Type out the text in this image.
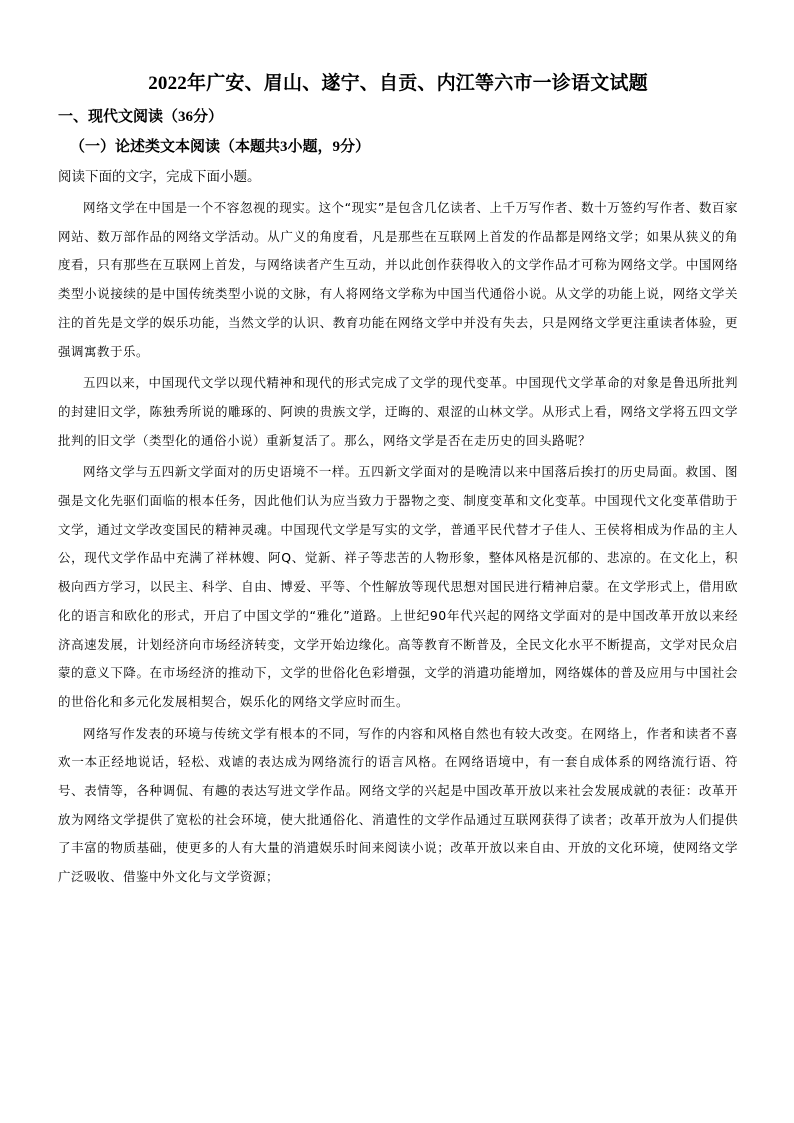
2022年广安、眉山、遂宁、自贡、内江等六市一诊语文试题
一、现代文阅读（36分）
（一）论述类文本阅读（本题共3小题，9分）
阅读下面的文字，完成下面小题。

网络文学在中国是一个不容忽视的现实。这个“现实”是包含几亿读者、上千万写作者、数十万签约写作者、数百家网站、数万部作品的网络文学活动。从广义的角度看，凡是那些在互联网上首发的作品都是网络文学；如果从狭义的角度看，只有那些在互联网上首发，与网络读者产生互动，并以此创作获得收入的文学作品才可称为网络文学。中国网络类型小说接续的是中国传统类型小说的文脉，有人将网络文学称为中国当代通俗小说。从文学的功能上说，网络文学关注的首先是文学的娱乐功能，当然文学的认识、教育功能在网络文学中并没有失去，只是网络文学更注重读者体验，更强调寓教于乐。

五四以来，中国现代文学以现代精神和现代的形式完成了文学的现代变革。中国现代文学革命的对象是鲁迅所批判的封建旧文学，陈独秀所说的雕琢的、阿谀的贵族文学，迂晦的、艰涩的山林文学。从形式上看，网络文学将五四文学批判的旧文学（类型化的通俗小说）重新复活了。那么，网络文学是否在走历史的回头路呢？

网络文学与五四新文学面对的历史语境不一样。五四新文学面对的是晚清以来中国落后挨打的历史局面。救国、图强是文化先驱们面临的根本任务，因此他们认为应当致力于器物之变、制度变革和文化变革。中国现代文化变革借助于文学，通过文学改变国民的精神灵魂。中国现代文学是写实的文学，普通平民代替才子佳人、王侯将相成为作品的主人公，现代文学作品中充满了祥林嫂、阿Q、觉新、祥子等悲苦的人物形象，整体风格是沉郁的、悲凉的。在文化上，积极向西方学习，以民主、科学、自由、博爱、平等、个性解放等现代思想对国民进行精神启蒙。在文学形式上，借用欧化的语言和欧化的形式，开启了中国文学的“雅化”道路。上世纪90年代兴起的网络文学面对的是中国改革开放以来经济高速发展，计划经济向市场经济转变，文学开始边缘化。高等教育不断普及，全民文化水平不断提高，文学对民众启蒙的意义下降。在市场经济的推动下，文学的世俗化色彩增强，文学的消遣功能增加，网络媒体的普及应用与中国社会的世俗化和多元化发展相契合，娱乐化的网络文学应时而生。

网络写作发表的环境与传统文学有根本的不同，写作的内容和风格自然也有较大改变。在网络上，作者和读者不喜欢一本正经地说话，轻松、戏谑的表达成为网络流行的语言风格。在网络语境中，有一套自成体系的网络流行语、符号、表情等，各种调侃、有趣的表达写进文学作品。网络文学的兴起是中国改革开放以来社会发展成就的表征：改革开放为网络文学提供了宽松的社会环境，使大批通俗化、消遣性的文学作品通过互联网获得了读者；改革开放为人们提供了丰富的物质基础，使更多的人有大量的消遣娱乐时间来阅读小说；改革开放以来自由、开放的文化环境，使网络文学广泛吸收、借鉴中外文化与文学资源；
